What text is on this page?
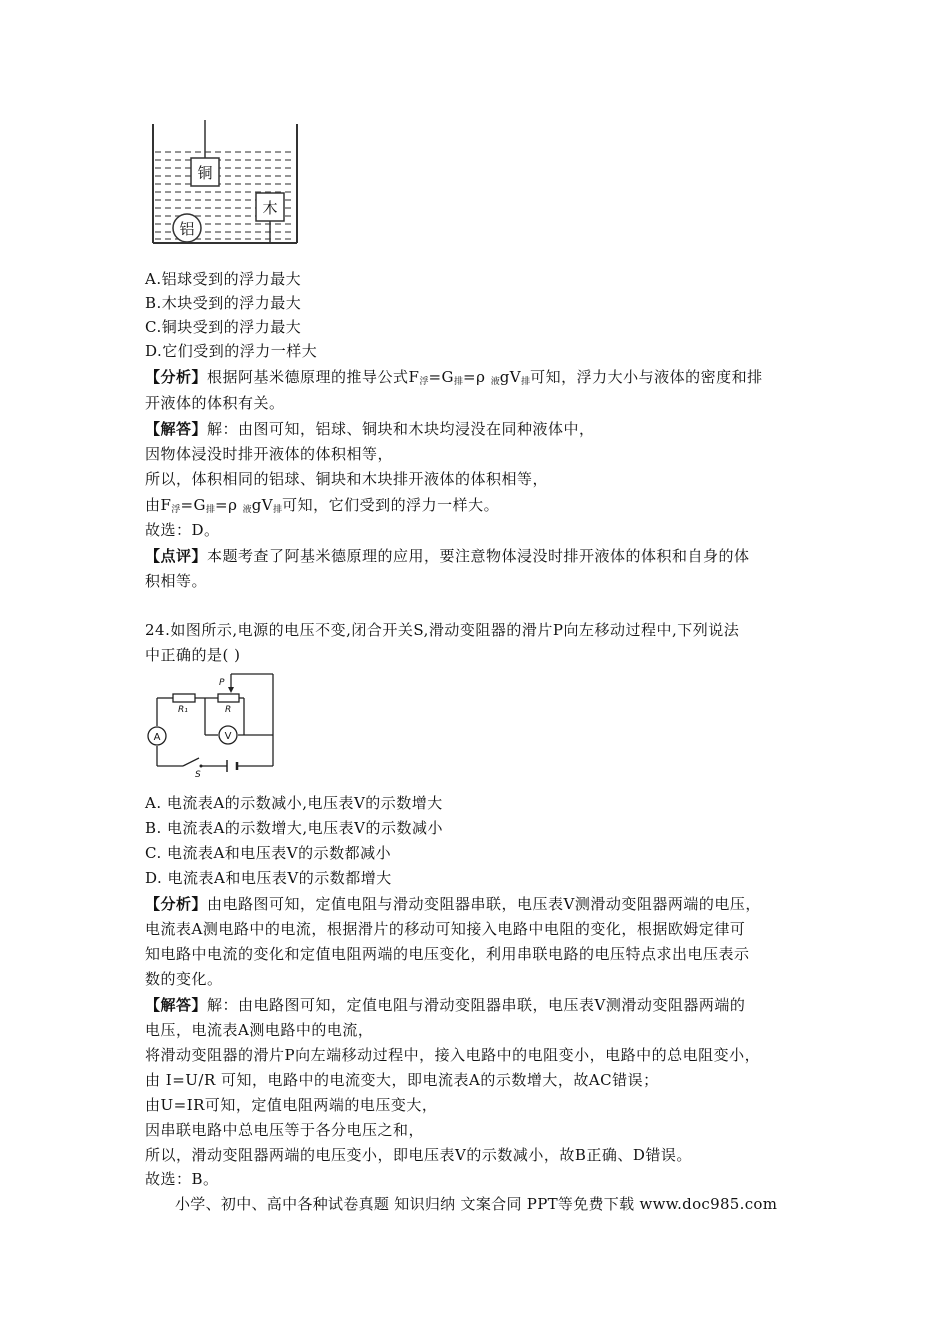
铜
木
铝
A.铝球受到的浮力最大
B.木块受到的浮力最大
C.铜块受到的浮力最大
D.它们受到的浮力一样大
【分析】根据阿基米德原理的推导公式$F_浮=G_排=\rho$ $_液gV_排$可知，浮力大小与液体的密度和排
开液体的体积有关。
【解答】解：由图可知，铝球、铜块和木块均浸没在同种液体中，
因物体浸没时排开液体的体积相等，
所以，体积相同的铝球、铜块和木块排开液体的体积相等，
由$F_浮=G_排=\rho$ $_液gV_排$可知，它们受到的浮力一样大。
故选：D。
【点评】本题考查了阿基米德原理的应用，要注意物体浸没时排开液体的体积和自身的体
积相等。
24.如图所示,电源的电压不变,闭合开关S,滑动变阻器的滑片P向左移动过程中,下列说法
中正确的是( )
R₁
P
R
A	V
S
A. 电流表A的示数减小,电压表V的示数增大
B. 电流表A的示数增大,电压表V的示数减小
C. 电流表A和电压表V的示数都减小
D. 电流表A和电压表V的示数都增大
【分析】由电路图可知，定值电阻与滑动变阻器串联，电压表V测滑动变阻器两端的电压，
电流表A测电路中的电流，根据滑片的移动可知接入电路中电阻的变化，根据欧姆定律可
知电路中电流的变化和定值电阻两端的电压变化，利用串联电路的电压特点求出电压表示
数的变化。
【解答】解：由电路图可知，定值电阻与滑动变阻器串联，电压表V测滑动变阻器两端的
电压，电流表A测电路中的电流，
将滑动变阻器的滑片P向左端移动过程中，接入电路中的电阻变小，电路中的总电阻变小，
由 I=U/R 可知，电路中的电流变大，即电流表A的示数增大，故AC错误；
由U=IR可知，定值电阻两端的电压变大，
因串联电路中总电压等于各分电压之和，
所以，滑动变阻器两端的电压变小，即电压表V的示数减小，故B正确、D错误。
故选：B。
小学、初中、高中各种试卷真题 知识归纳 文案合同 PPT等免费下载 www.doc985.com
